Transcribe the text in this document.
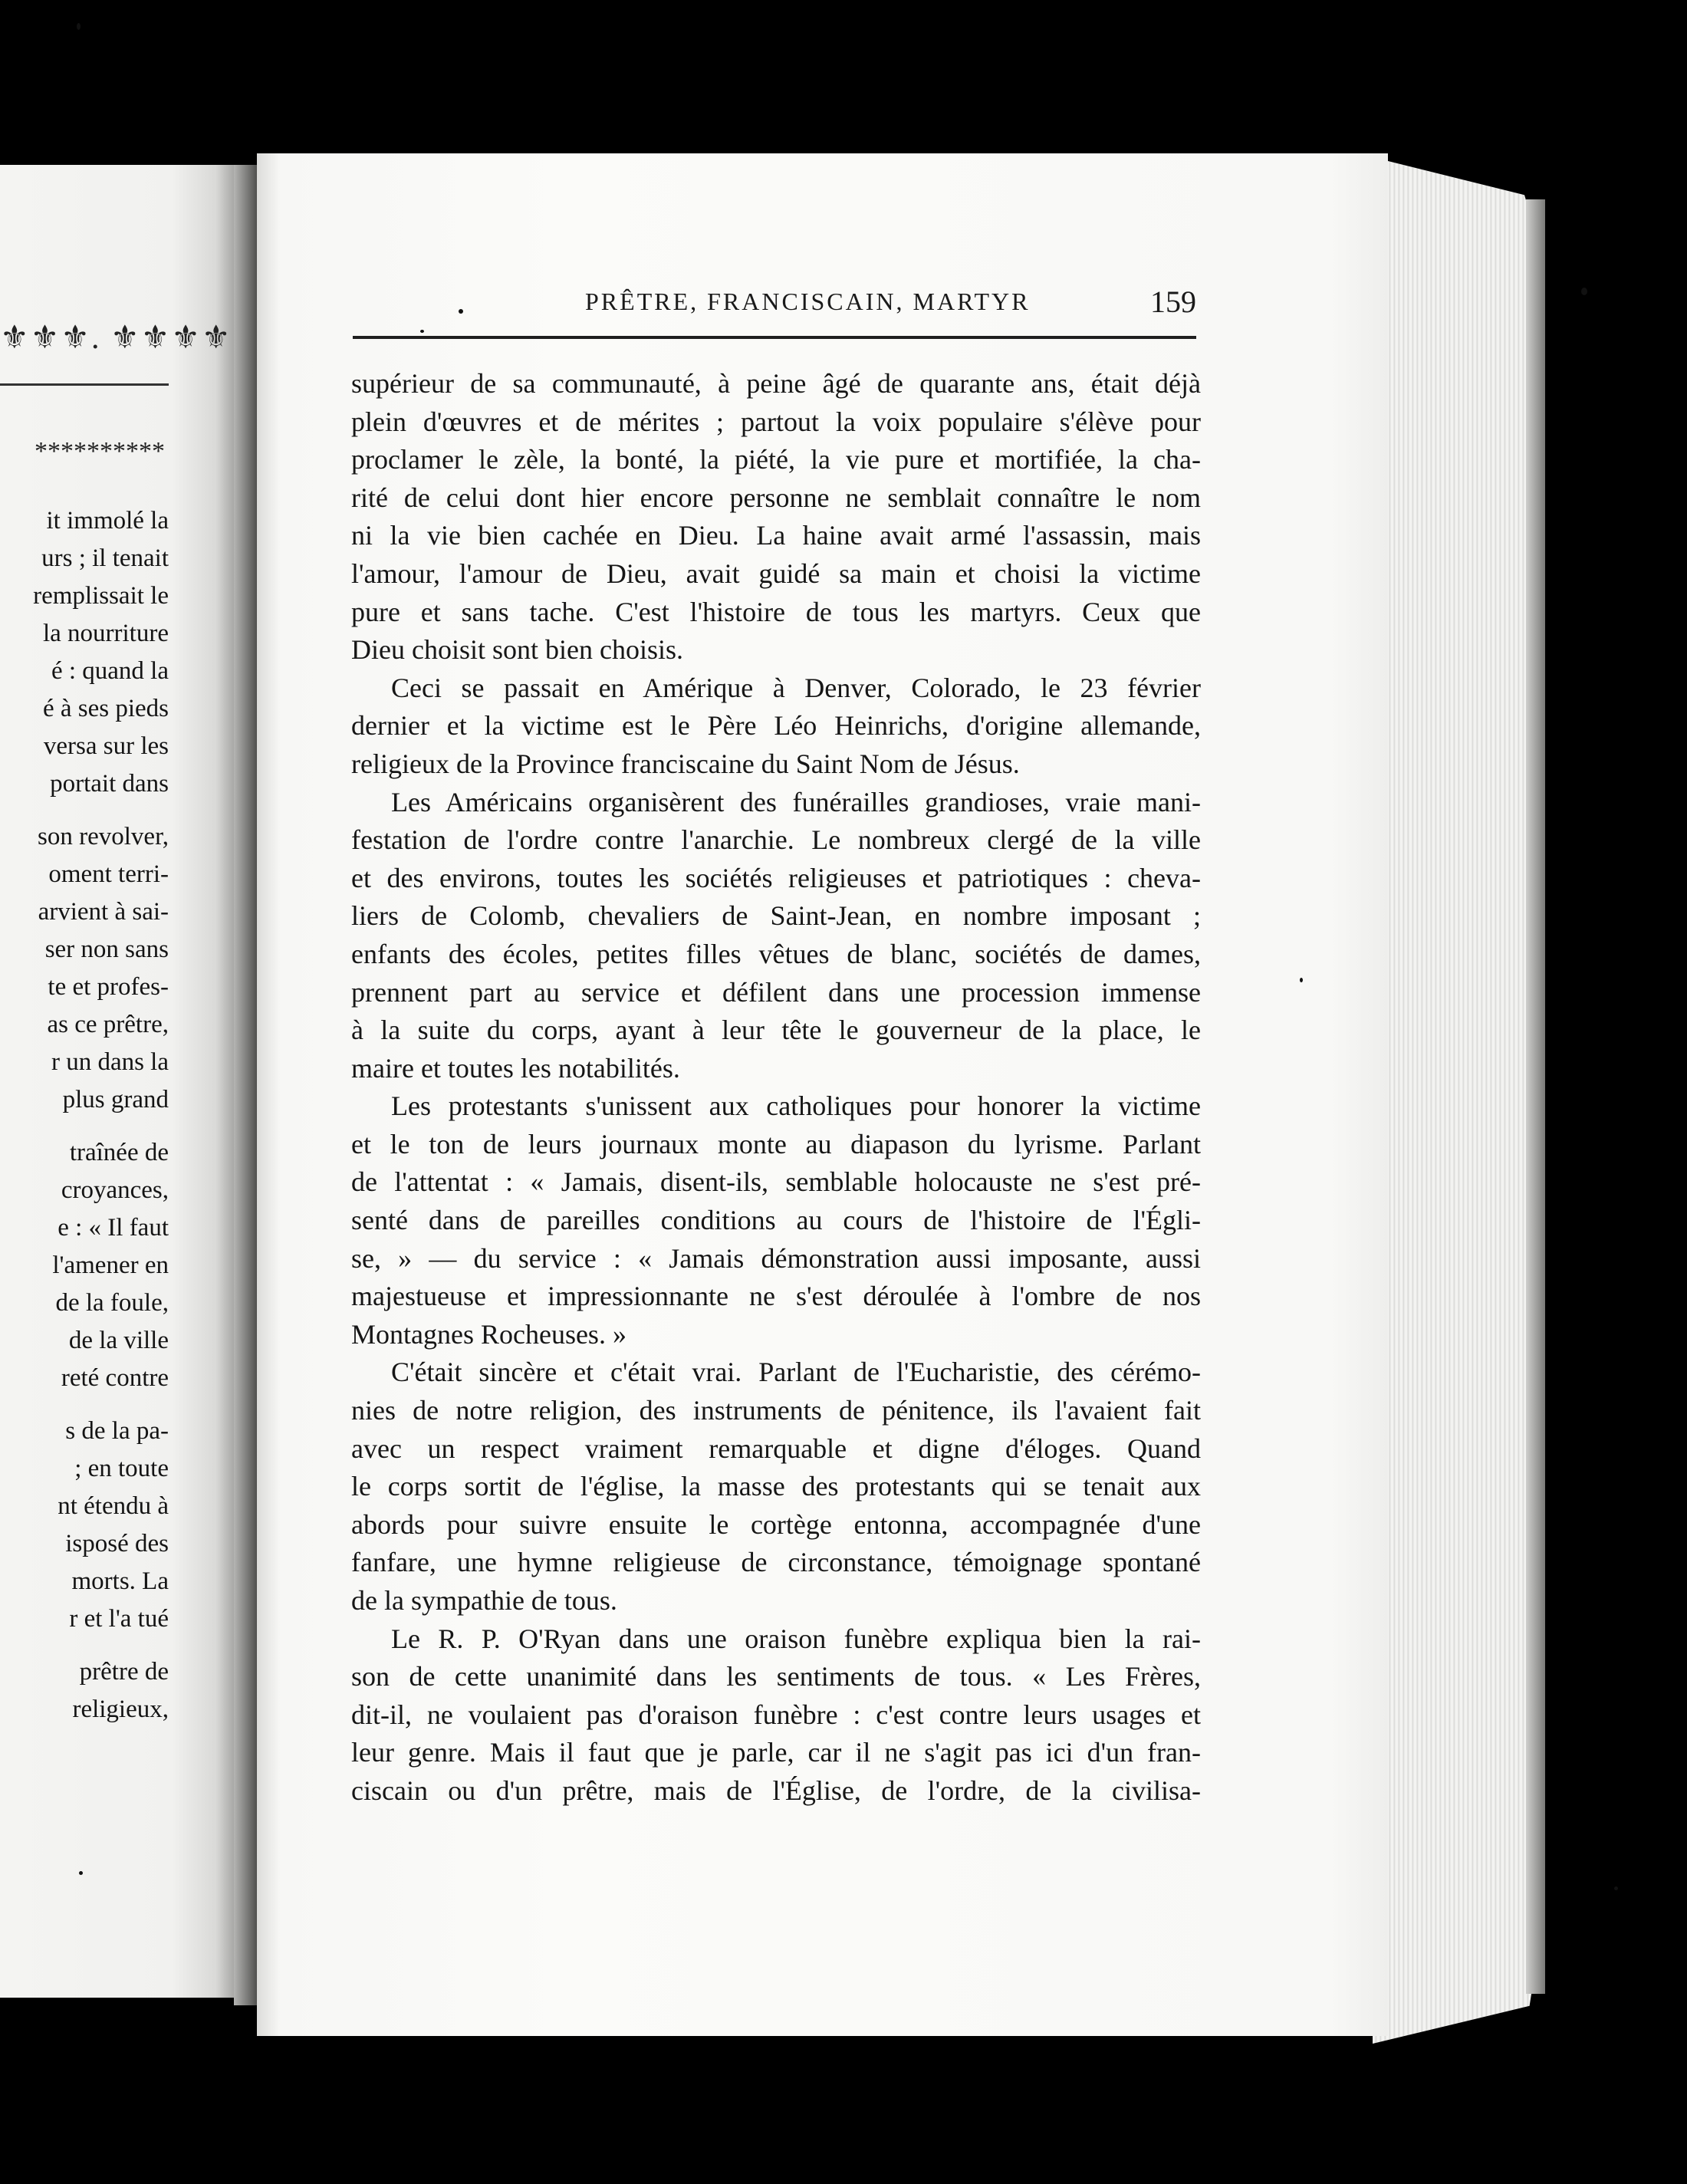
⚜⚜⚜. ⚜⚜⚜⚜
**********
it immolé la
urs ; il tenait
remplissait le
la nourriture
é : quand la
é à ses pieds
versa sur les
portait dans
son revolver,
oment terri-
arvient à sai-
ser non sans
te et profes-
as ce prêtre,
r un dans la
plus grand
traînée de
croyances,
e : « Il faut
l'amener en
de la foule,
de la ville
reté contre
s de la pa-
; en toute
nt étendu à
isposé des
morts. La
r et l'a tué
prêtre de
religieux,
PRÊTRE, FRANCISCAIN, MARTYR	159
supérieur de sa communauté, à peine âgé de quarante ans, était déjà
plein d'œuvres et de mérites ; partout la voix populaire s'élève pour
proclamer le zèle, la bonté, la piété, la vie pure et mortifiée, la cha-
rité de celui dont hier encore personne ne semblait connaître le nom
ni la vie bien cachée en Dieu. La haine avait armé l'assassin, mais
l'amour, l'amour de Dieu, avait guidé sa main et choisi la victime
pure et sans tache. C'est l'histoire de tous les martyrs. Ceux que
Dieu choisit sont bien choisis.
Ceci se passait en Amérique à Denver, Colorado, le 23 février
dernier et la victime est le Père Léo Heinrichs, d'origine allemande,
religieux de la Province franciscaine du Saint Nom de Jésus.
Les Américains organisèrent des funérailles grandioses, vraie mani-
festation de l'ordre contre l'anarchie. Le nombreux clergé de la ville
et des environs, toutes les sociétés religieuses et patriotiques : cheva-
liers de Colomb, chevaliers de Saint-Jean, en nombre imposant ;
enfants des écoles, petites filles vêtues de blanc, sociétés de dames,
prennent part au service et défilent dans une procession immense
à la suite du corps, ayant à leur tête le gouverneur de la place, le
maire et toutes les notabilités.
Les protestants s'unissent aux catholiques pour honorer la victime
et le ton de leurs journaux monte au diapason du lyrisme. Parlant
de l'attentat : « Jamais, disent-ils, semblable holocauste ne s'est pré-
senté dans de pareilles conditions au cours de l'histoire de l'Égli-
se, » — du service : « Jamais démonstration aussi imposante, aussi
majestueuse et impressionnante ne s'est déroulée à l'ombre de nos
Montagnes Rocheuses. »
C'était sincère et c'était vrai. Parlant de l'Eucharistie, des cérémo-
nies de notre religion, des instruments de pénitence, ils l'avaient fait
avec un respect vraiment remarquable et digne d'éloges. Quand
le corps sortit de l'église, la masse des protestants qui se tenait aux
abords pour suivre ensuite le cortège entonna, accompagnée d'une
fanfare, une hymne religieuse de circonstance, témoignage spontané
de la sympathie de tous.
Le R. P. O'Ryan dans une oraison funèbre expliqua bien la rai-
son de cette unanimité dans les sentiments de tous. « Les Frères,
dit-il, ne voulaient pas d'oraison funèbre : c'est contre leurs usages et
leur genre. Mais il faut que je parle, car il ne s'agit pas ici d'un fran-
ciscain ou d'un prêtre, mais de l'Église, de l'ordre, de la civilisa-
